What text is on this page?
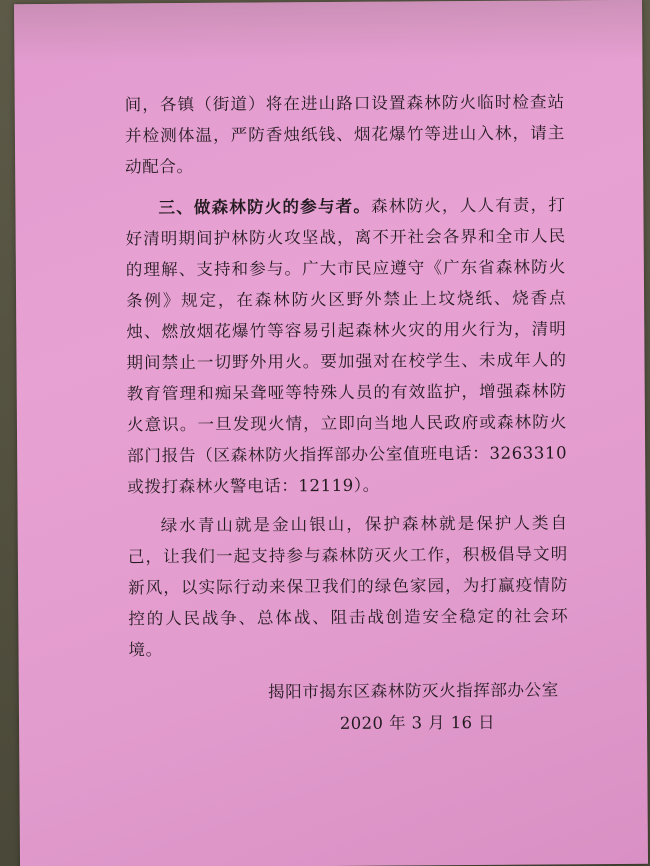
间，各镇（街道）将在进山路口设置森林防火临时检查站并检测体温，严防香烛纸钱、烟花爆竹等进山入林，请主动配合。

三、做森林防火的参与者。森林防火，人人有责，打好清明期间护林防火攻坚战，离不开社会各界和全市人民的理解、支持和参与。广大市民应遵守《广东省森林防火条例》规定，在森林防火区野外禁止上坟烧纸、烧香点烛、燃放烟花爆竹等容易引起森林火灾的用火行为，清明期间禁止一切野外用火。要加强对在校学生、未成年人的教育管理和痴呆聋哑等特殊人员的有效监护，增强森林防火意识。一旦发现火情，立即向当地人民政府或森林防火部门报告（区森林防火指挥部办公室值班电话：3263310或拨打森林火警电话：12119）。

绿水青山就是金山银山，保护森林就是保护人类自己，让我们一起支持参与森林防灭火工作，积极倡导文明新风，以实际行动来保卫我们的绿色家园，为打赢疫情防控的人民战争、总体战、阻击战创造安全稳定的社会环境。

揭阳市揭东区森林防灭火指挥部办公室
2020 年 3 月 16 日
